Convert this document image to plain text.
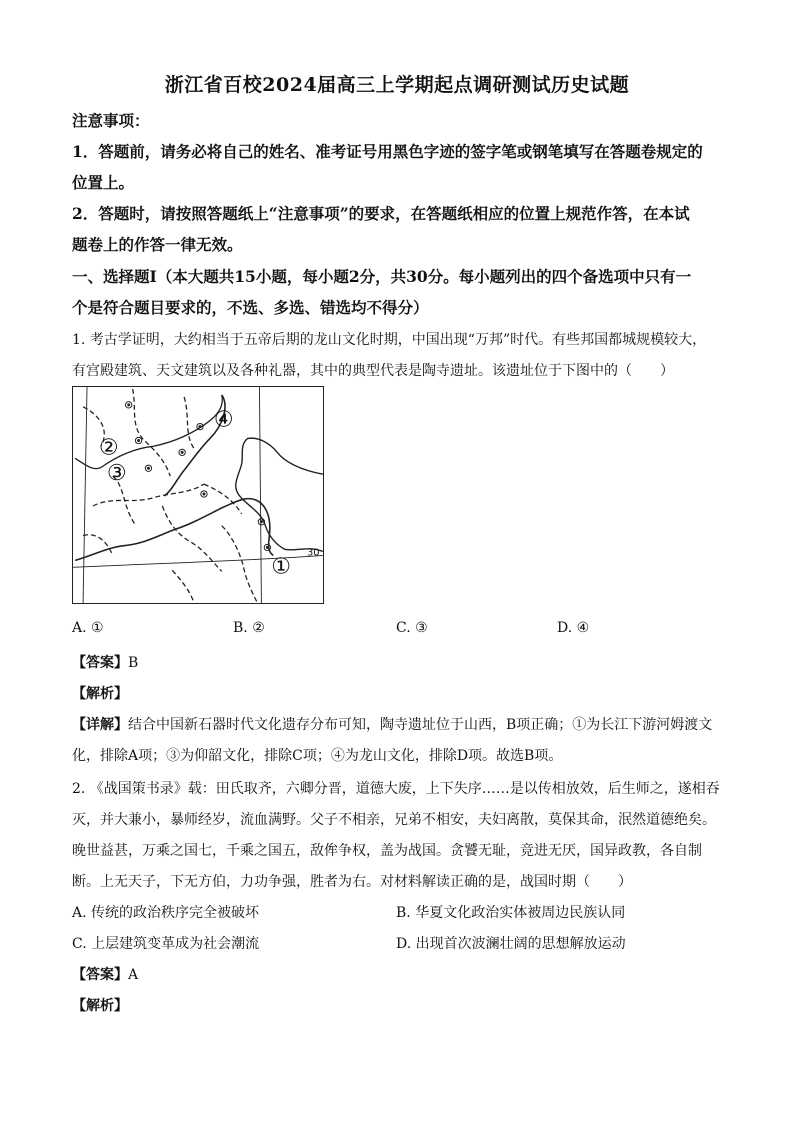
浙江省百校2024届高三上学期起点调研测试历史试题
注意事项：
1．答题前，请务必将自己的姓名、准考证号用黑色字迹的签字笔或钢笔填写在答题卷规定的
位置上。
2．答题时，请按照答题纸上“注意事项”的要求，在答题纸相应的位置上规范作答，在本试
题卷上的作答一律无效。
一、选择题Ⅰ（本大题共15小题，每小题2分，共30分。每小题列出的四个备选项中只有一
个是符合题目要求的，不选、多选、错选均不得分）
1. 考古学证明，大约相当于五帝后期的龙山文化时期，中国出现“万邦”时代。有些邦国都城规模较大，
有宫殿建筑、天文建筑以及各种礼器，其中的典型代表是陶寺遗址。该遗址位于下图中的（　　）
④
②
③
①
30
A. ①	B. ②	C. ③	D. ④
【答案】B
【解析】
【详解】结合中国新石器时代文化遗存分布可知，陶寺遗址位于山西，B项正确；①为长江下游河姆渡文
化，排除A项；③为仰韶文化，排除C项；④为龙山文化，排除D项。故选B项。
2. 《战国策书录》载：田氏取齐，六卿分晋，道德大废，上下失序……是以传相放效，后生师之，遂相吞
灭，并大兼小，暴师经岁，流血满野。父子不相亲，兄弟不相安，夫妇离散，莫保其命，泯然道德绝矣。
晚世益甚，万乘之国七，千乘之国五，敌侔争权，盖为战国。贪饕无耻，竞进无厌，国异政教，各自制
断。上无天子，下无方伯，力功争强，胜者为右。对材料解读正确的是，战国时期（　　）
A. 传统的政治秩序完全被破坏	B. 华夏文化政治实体被周边民族认同
C. 上层建筑变革成为社会潮流	D. 出现首次波澜壮阔的思想解放运动
【答案】A
【解析】
